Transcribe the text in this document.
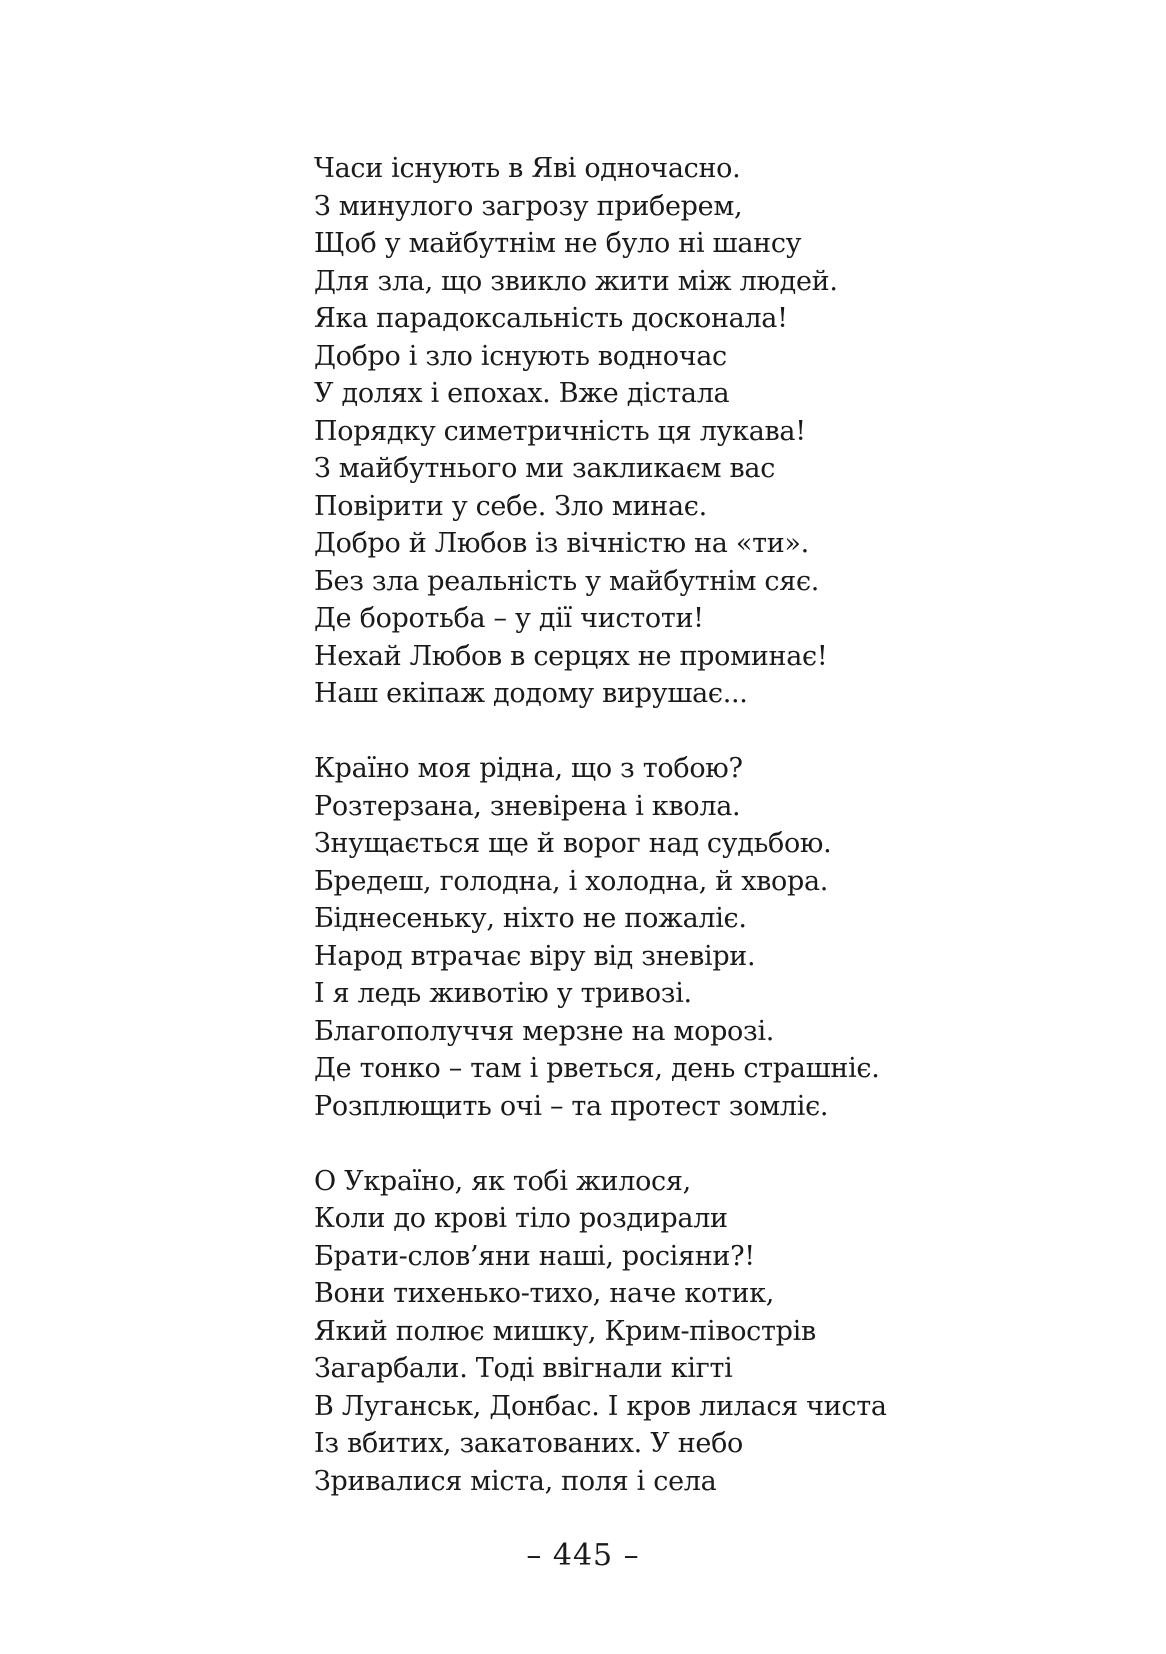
Часи існують в Яві одночасно.
З минулого загрозу приберем,
Щоб у майбутнім не було ні шансу
Для зла, що звикло жити між людей.
Яка парадоксальність досконала!
Добро і зло існують водночас
У долях і епохах. Вже дістала
Порядку симетричність ця лукава!
З майбутнього ми закликаєм вас
Повірити у себе. Зло минає.
Добро й Любов із вічністю на «ти».
Без зла реальність у майбутнім сяє.
Де боротьба – у дії чистоти!
Нехай Любов в серцях не проминає!
Наш екіпаж додому вирушає...
Країно моя рідна, що з тобою?
Розтерзана, зневірена і квола.
Знущається ще й ворог над судьбою.
Бредеш, голодна, і холодна, й хвора.
Біднесеньку, ніхто не пожаліє.
Народ втрачає віру від зневіри.
І я ледь животію у тривозі.
Благополуччя мерзне на морозі.
Де тонко – там і рветься, день страшніє.
Розплющить очі – та протест зомліє.
О Україно, як тобі жилося,
Коли до крові тіло роздирали
Брати-слов’яни наші, росіяни?!
Вони тихенько-тихо, наче котик,
Який полює мишку, Крим-півострів
Загарбали. Тоді ввігнали кігті
В Луганськ, Донбас. І кров лилася чиста
Із вбитих, закатованих. У небо
Зривалися міста, поля і села
– 445 –
